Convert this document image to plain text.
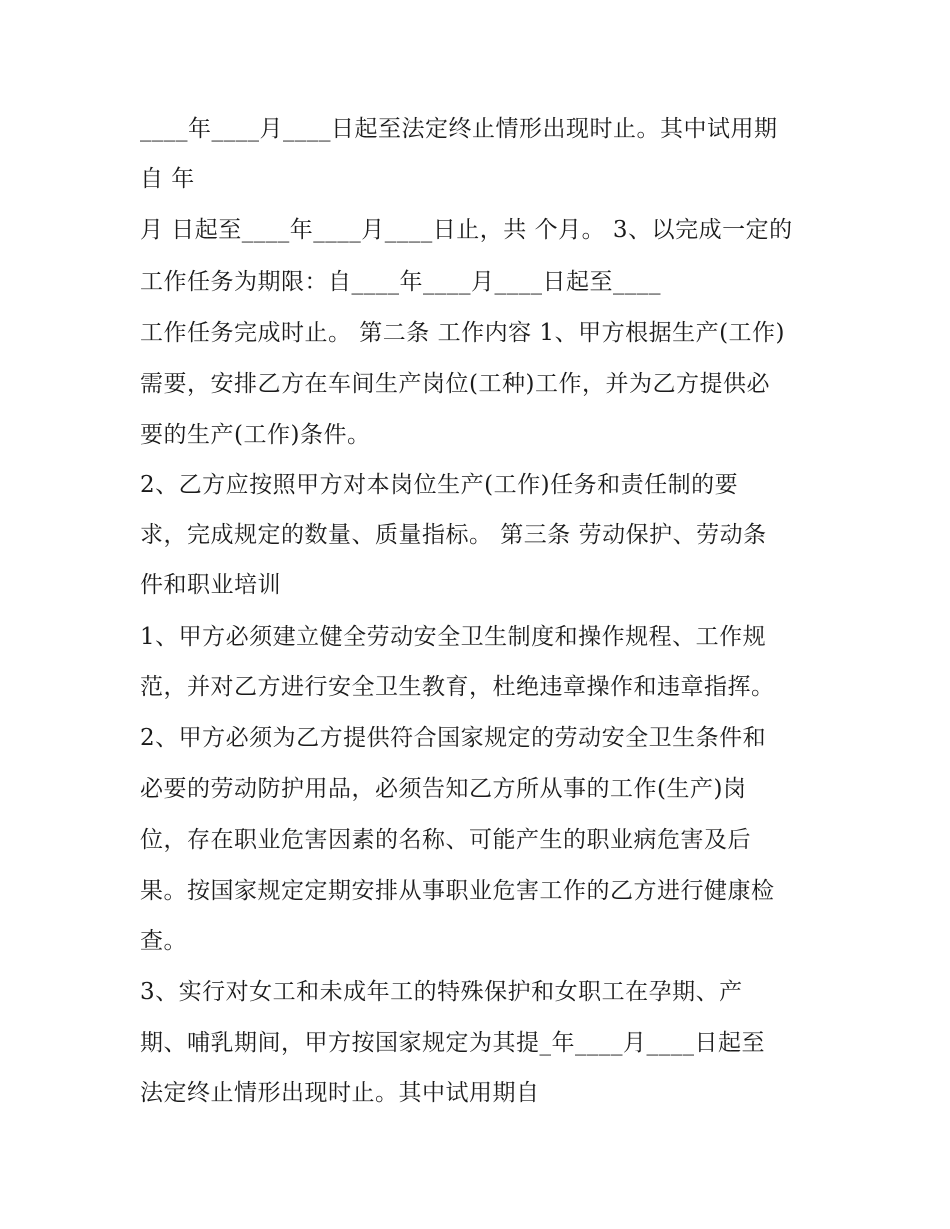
____年____月____日起至法定终止情形出现时止。其中试用期
自 年
月 日起至____年____月____日止，共 个月。 3、以完成一定的
工作任务为期限：自____年____月____日起至____
工作任务完成时止。 第二条 工作内容 1、甲方根据生产(工作)
需要，安排乙方在车间生产岗位(工种)工作，并为乙方提供必
要的生产(工作)条件。
2、乙方应按照甲方对本岗位生产(工作)任务和责任制的要
求，完成规定的数量、质量指标。 第三条 劳动保护、劳动条
件和职业培训
1、甲方必须建立健全劳动安全卫生制度和操作规程、工作规
范，并对乙方进行安全卫生教育，杜绝违章操作和违章指挥。
2、甲方必须为乙方提供符合国家规定的劳动安全卫生条件和
必要的劳动防护用品，必须告知乙方所从事的工作(生产)岗
位，存在职业危害因素的名称、可能产生的职业病危害及后
果。按国家规定定期安排从事职业危害工作的乙方进行健康检
查。
3、实行对女工和未成年工的特殊保护和女职工在孕期、产
期、哺乳期间，甲方按国家规定为其提_年____月____日起至
法定终止情形出现时止。其中试用期自
